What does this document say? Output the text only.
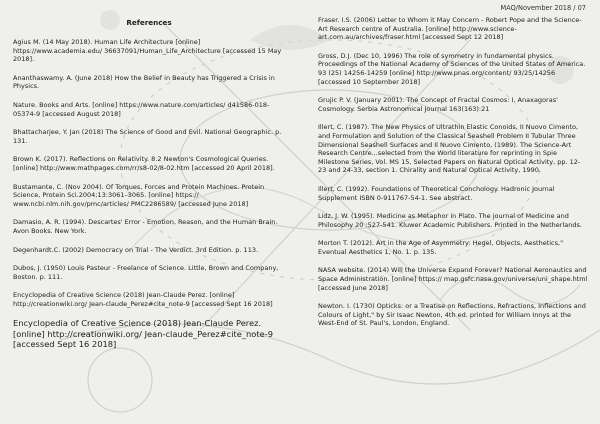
MAQ/November 2018 / 07
References

Agius M. (14 May 2018). Human Life Architecture [online] https://www.academia.edu/ 36637091/Human_Life_Architecture [accessed 15 May 2018].

Ananthaswamy. A. (June 2018) How the Belief in Beauty has Triggered a Crisis in Physics.

Nature. Books and Arts. [online] https://www.nature.com/articles/ d41586-018-05374-9 [accessed August 2018]

Bhattacharjee, Y. Jan (2018) The Science of Good and Evil. National Geographic. p. 131.

Brown K. (2017). Reflections on Relativity. 8.2 Newton's Cosmological Queries. [online] http://www.mathpages.com/rr/s8-02/8-02.htm [accessed 20 April 2018].

Bustamante, C. (Nov 2004). Of Torques, Forces and Protein Machines. Protein Science, Protein Sci.2004;13:3061–3065. [online] https:// www.ncbi.nlm.nih.gov/pmc/articles/ PMC2286589/ [accessed June 2018]

Damasio, A. R. (1994). Descartes' Error - Emotion, Reason, and the Human Brain. Avon Books. New York.

Degenhardt.C. (2002) Democracy on Trial - The Verdict. 3rd Edition. p. 113.

Dubos, J. (1950) Louis Pasteur - Freelance of Science. Little, Brown and Company, Boston. p. 111.

Encyclopedia of Creative Science (2018) Jean-Claude Perez. [online] http://creationwiki.org/ Jean-claude_Perez#cite_note-9 [accessed Sept 16 2018]

Encyclopedia of Creative Science (2018) Jean-Claude Perez. [online] http://creationwiki.org/ Jean-claude_Perez#cite_note-9 [accessed Sept 16 2018]

Fraser. I.S. (2006) Letter to Whom it May Concern - Robert Pope and the Science-Art Research centre of Australia. [online] http://www.science-art.com.au/archives/fraser.html [accessed Sept 12 2018]

Gross, D.J. (Dec 10, 1996) The role of symmetry in fundamental physics. Proceedings of the National Academy of Sciences of the United States of America. 93 (25) 14256-14259 [online] http://www.pnas.org/content/ 93/25/14256 [accessed 10 September 2018]

Grujic P. V. (January 2001). The Concept of Fractal Cosmos: I. Anaxagoras' Cosmology. Serbia Astronomical Journal 163(163):21

Illert, C. (1987). The New Physics of Ultrathin Elastic Conoids, II Nuovo Cimento, and Formulation and Solution of the Classical Seashell Problem II Tubular Three Dimensional Seashell Surfaces and Il Nuovo Cimento, (1989). The Science-Art Research Centre...selected from the World literature for reprinting in Spie Milestone Series, Vol. MS 15, Selected Papers on Natural Optical Activity, pp. 12-23 and 24-33, section 1. Chirality and Natural Optical Activity, 1990.

Illert, C. (1992). Foundations of Theoretical Conchology. Hadronic Journal Supplement ISBN 0-911767-54-1. See abstract.

Lidz, J. W. (1995). Medicine as Metaphor in Plato. The journal of Medicine and Philosophy 20 :527-541. Kluwer Academic Publishers. Printed in the Netherlands.

Morton T. (2012). Art in the Age of Asymmetry: Hegel, Objects, Aesthetics," Eventual Aesthetics 1, No. 1. p. 135.

NASA website. (2014) Will the Universe Expand Forever? National Aeronautics and Space Administration. [online] https:// map.gsfc.nasa.gov/universe/uni_shape.html [accessed June 2018]

Newton. I. (1730) Opticks: or a Treatise on Reflections, Refractions, Inflections and Colours of Light," by Sir Isaac Newton, 4th ed. printed for William Innys at the West-End of St. Paul's, London, England.
